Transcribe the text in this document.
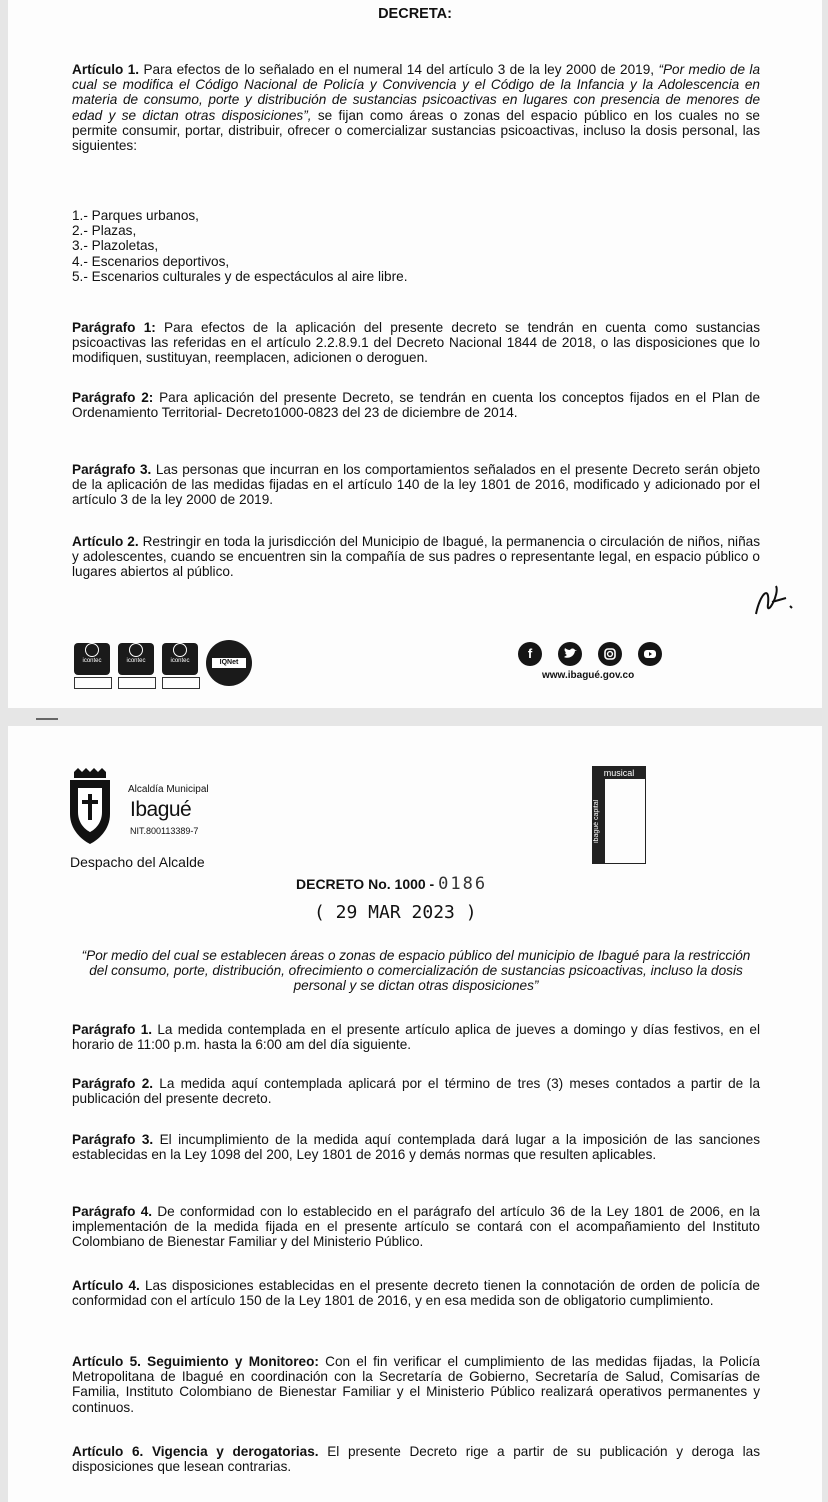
DECRETA:

Artículo 1. Para efectos de lo señalado en el numeral 14 del artículo 3 de la ley 2000 de 2019, “Por medio de la cual se modifica el Código Nacional de Policía y Convivencia y el Código de la Infancia y la Adolescencia en materia de consumo, porte y distribución de sustancias psicoactivas en lugares con presencia de menores de edad y se dictan otras disposiciones”, se fijan como áreas o zonas del espacio público en los cuales no se permite consumir, portar, distribuir, ofrecer o comercializar sustancias psicoactivas, incluso la dosis personal, las siguientes:

1.- Parques urbanos,
2.- Plazas,
3.- Plazoletas,
4.- Escenarios deportivos,
5.- Escenarios culturales y de espectáculos al aire libre.

Parágrafo 1: Para efectos de la aplicación del presente decreto se tendrán en cuenta como sustancias psicoactivas las referidas en el artículo 2.2.8.9.1 del Decreto Nacional 1844 de 2018, o las disposiciones que lo modifiquen, sustituyan, reemplacen, adicionen o deroguen.

Parágrafo 2: Para aplicación del presente Decreto, se tendrán en cuenta los conceptos fijados en el Plan de Ordenamiento Territorial- Decreto1000-0823 del 23 de diciembre de 2014.

Parágrafo 3. Las personas que incurran en los comportamientos señalados en el presente Decreto serán objeto de la aplicación de las medidas fijadas en el artículo 140 de la ley 1801 de 2016, modificado y adicionado por el artículo 3 de la ley 2000 de 2019.

Artículo 2. Restringir en toda la jurisdicción del Municipio de Ibagué, la permanencia o circulación de niños, niñas y adolescentes, cuando se encuentren sin la compañía de sus padres o representante legal, en espacio público o lugares abiertos al público.

icontec	icontec	icontec	IQNet
f
www.ibagué.gov.co
Alcaldía Municipal
Ibagué
NIT.800113389-7
Despacho del Alcalde
musical
ibagué capital
DECRETO No. 1000 - 0186
( 29 MAR 2023 )

“Por medio del cual se establecen áreas o zonas de espacio público del municipio de Ibagué para la restricción del consumo, porte, distribución, ofrecimiento o comercialización de sustancias psicoactivas, incluso la dosis personal y se dictan otras disposiciones”

Parágrafo 1. La medida contemplada en el presente artículo aplica de jueves a domingo y días festivos, en el horario de 11:00 p.m. hasta la 6:00 am del día siguiente.

Parágrafo 2. La medida aquí contemplada aplicará por el término de tres (3) meses contados a partir de la publicación del presente decreto.

Parágrafo 3. El incumplimiento de la medida aquí contemplada dará lugar a la imposición de las sanciones establecidas en la Ley 1098 del 200, Ley 1801 de 2016 y demás normas que resulten aplicables.

Parágrafo 4. De conformidad con lo establecido en el parágrafo del artículo 36 de la Ley 1801 de 2006, en la implementación de la medida fijada en el presente artículo se contará con el acompañamiento del Instituto Colombiano de Bienestar Familiar y del Ministerio Público.

Artículo 4. Las disposiciones establecidas en el presente decreto tienen la connotación de orden de policía de conformidad con el artículo 150 de la Ley 1801 de 2016, y en esa medida son de obligatorio cumplimiento.

Artículo 5. Seguimiento y Monitoreo: Con el fin verificar el cumplimiento de las medidas fijadas, la Policía Metropolitana de Ibagué en coordinación con la Secretaría de Gobierno, Secretaría de Salud, Comisarías de Familia, Instituto Colombiano de Bienestar Familiar y el Ministerio Público realizará operativos permanentes y continuos.

Artículo 6. Vigencia y derogatorias. El presente Decreto rige a partir de su publicación y deroga las disposiciones que lesean contrarias.
